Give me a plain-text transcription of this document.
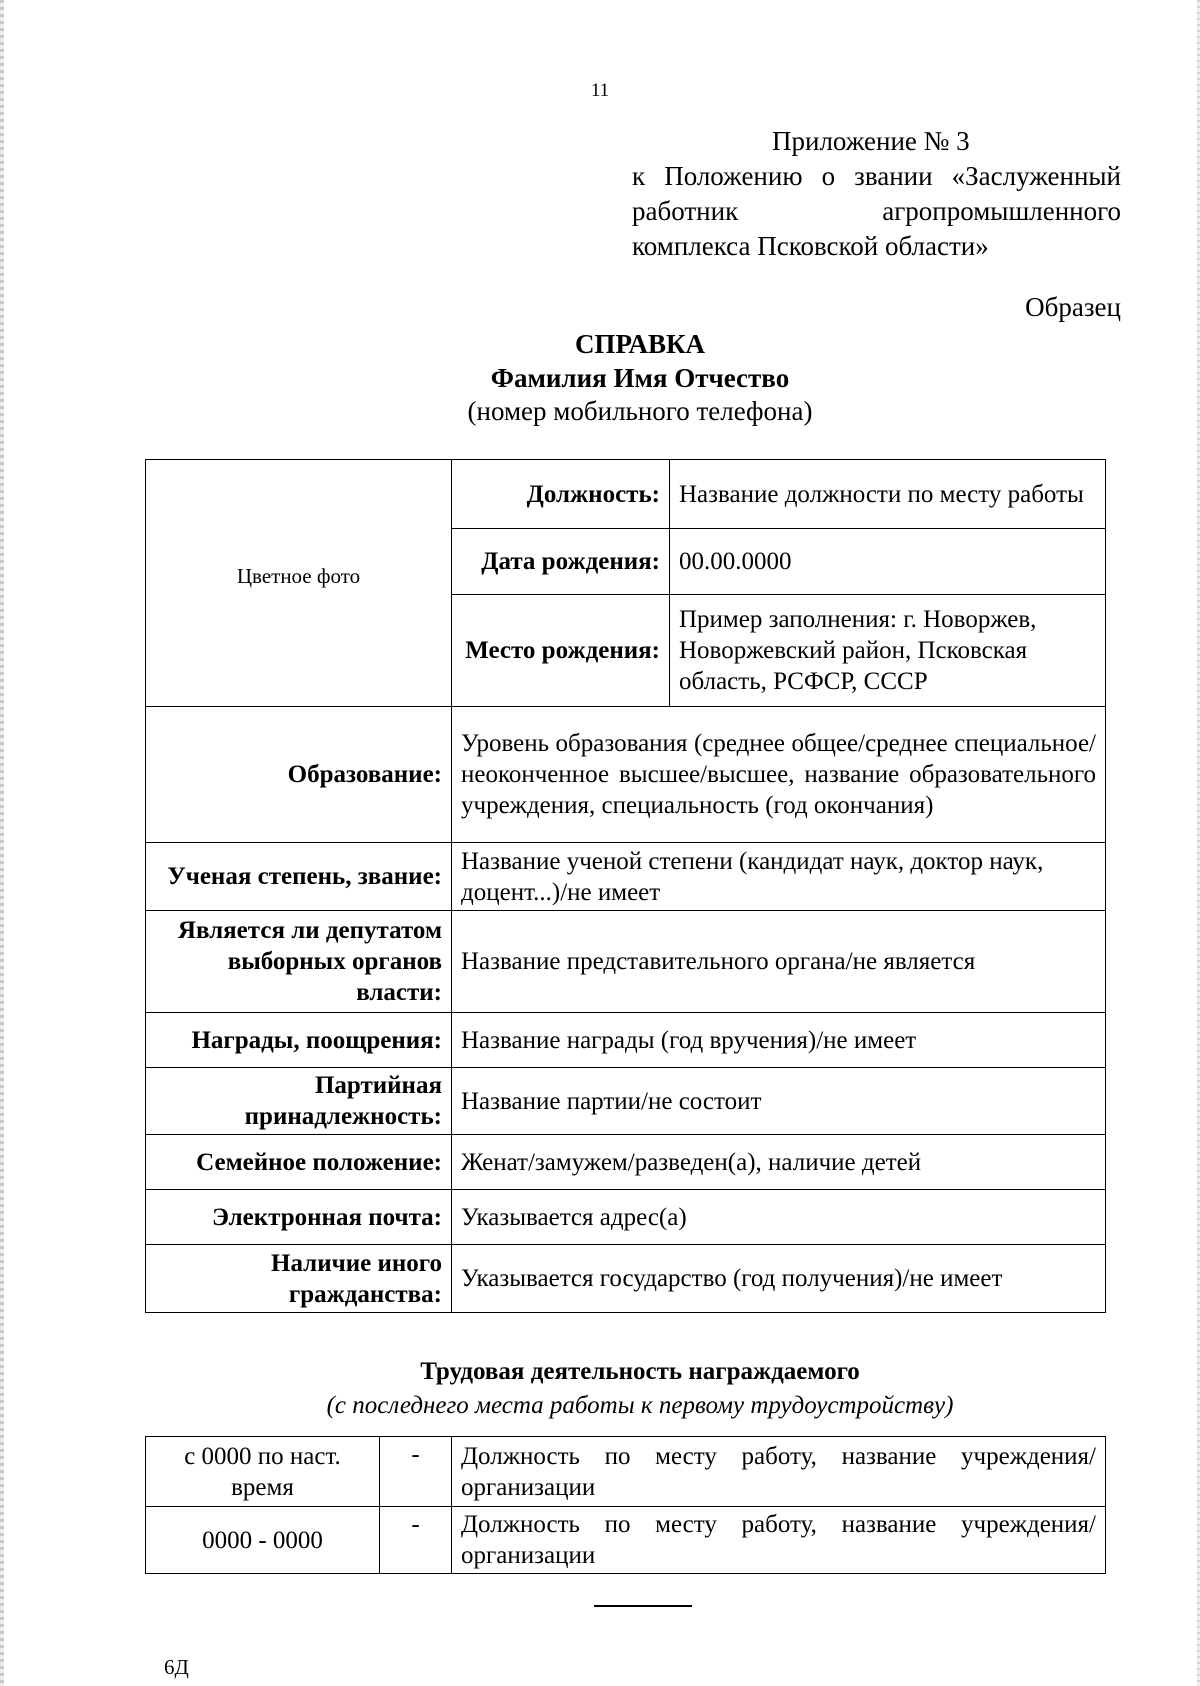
11
Приложение № 3
к Положению о звании «Заслуженный
работник агропромышленного
комплекса Псковской области»
Образец
СПРАВКА
Фамилия Имя Отчество
(номер мобильного телефона)
Цветное фото	Должность:	Название должности по месту работы
	Дата рождения:	00.00.0000
	Место рождения:	Пример заполнения: г. Новоржев, Новоржевский район, Псковская область, РСФСР, СССР
Образование:	Уровень образования (среднее общее/среднее специальное/неоконченное высшее/высшее, название образовательного учреждения, специальность (год окончания)	
Ученая степень, звание:	Название ученой степени (кандидат наук, доктор наук, доцент...)/не имеет	
Является ли депутатом выборных органов власти:	Название представительного органа/не является	
Награды, поощрения:	Название награды (год вручения)/не имеет	
Партийная принадлежность:	Название партии/не состоит	
Семейное положение:	Женат/замужем/разведен(а), наличие детей	
Электронная почта:	Указывается адрес(а)	
Наличие иного гражданства:	Указывается государство (год получения)/не имеет	
Трудовая деятельность награждаемого
(с последнего места работы к первому трудоустройству)
с 0000 по наст. время	-	Должность по месту работу, название учреждения/организации
0000 - 0000	-	Должность по месту работу, название учреждения/организации
6Д
